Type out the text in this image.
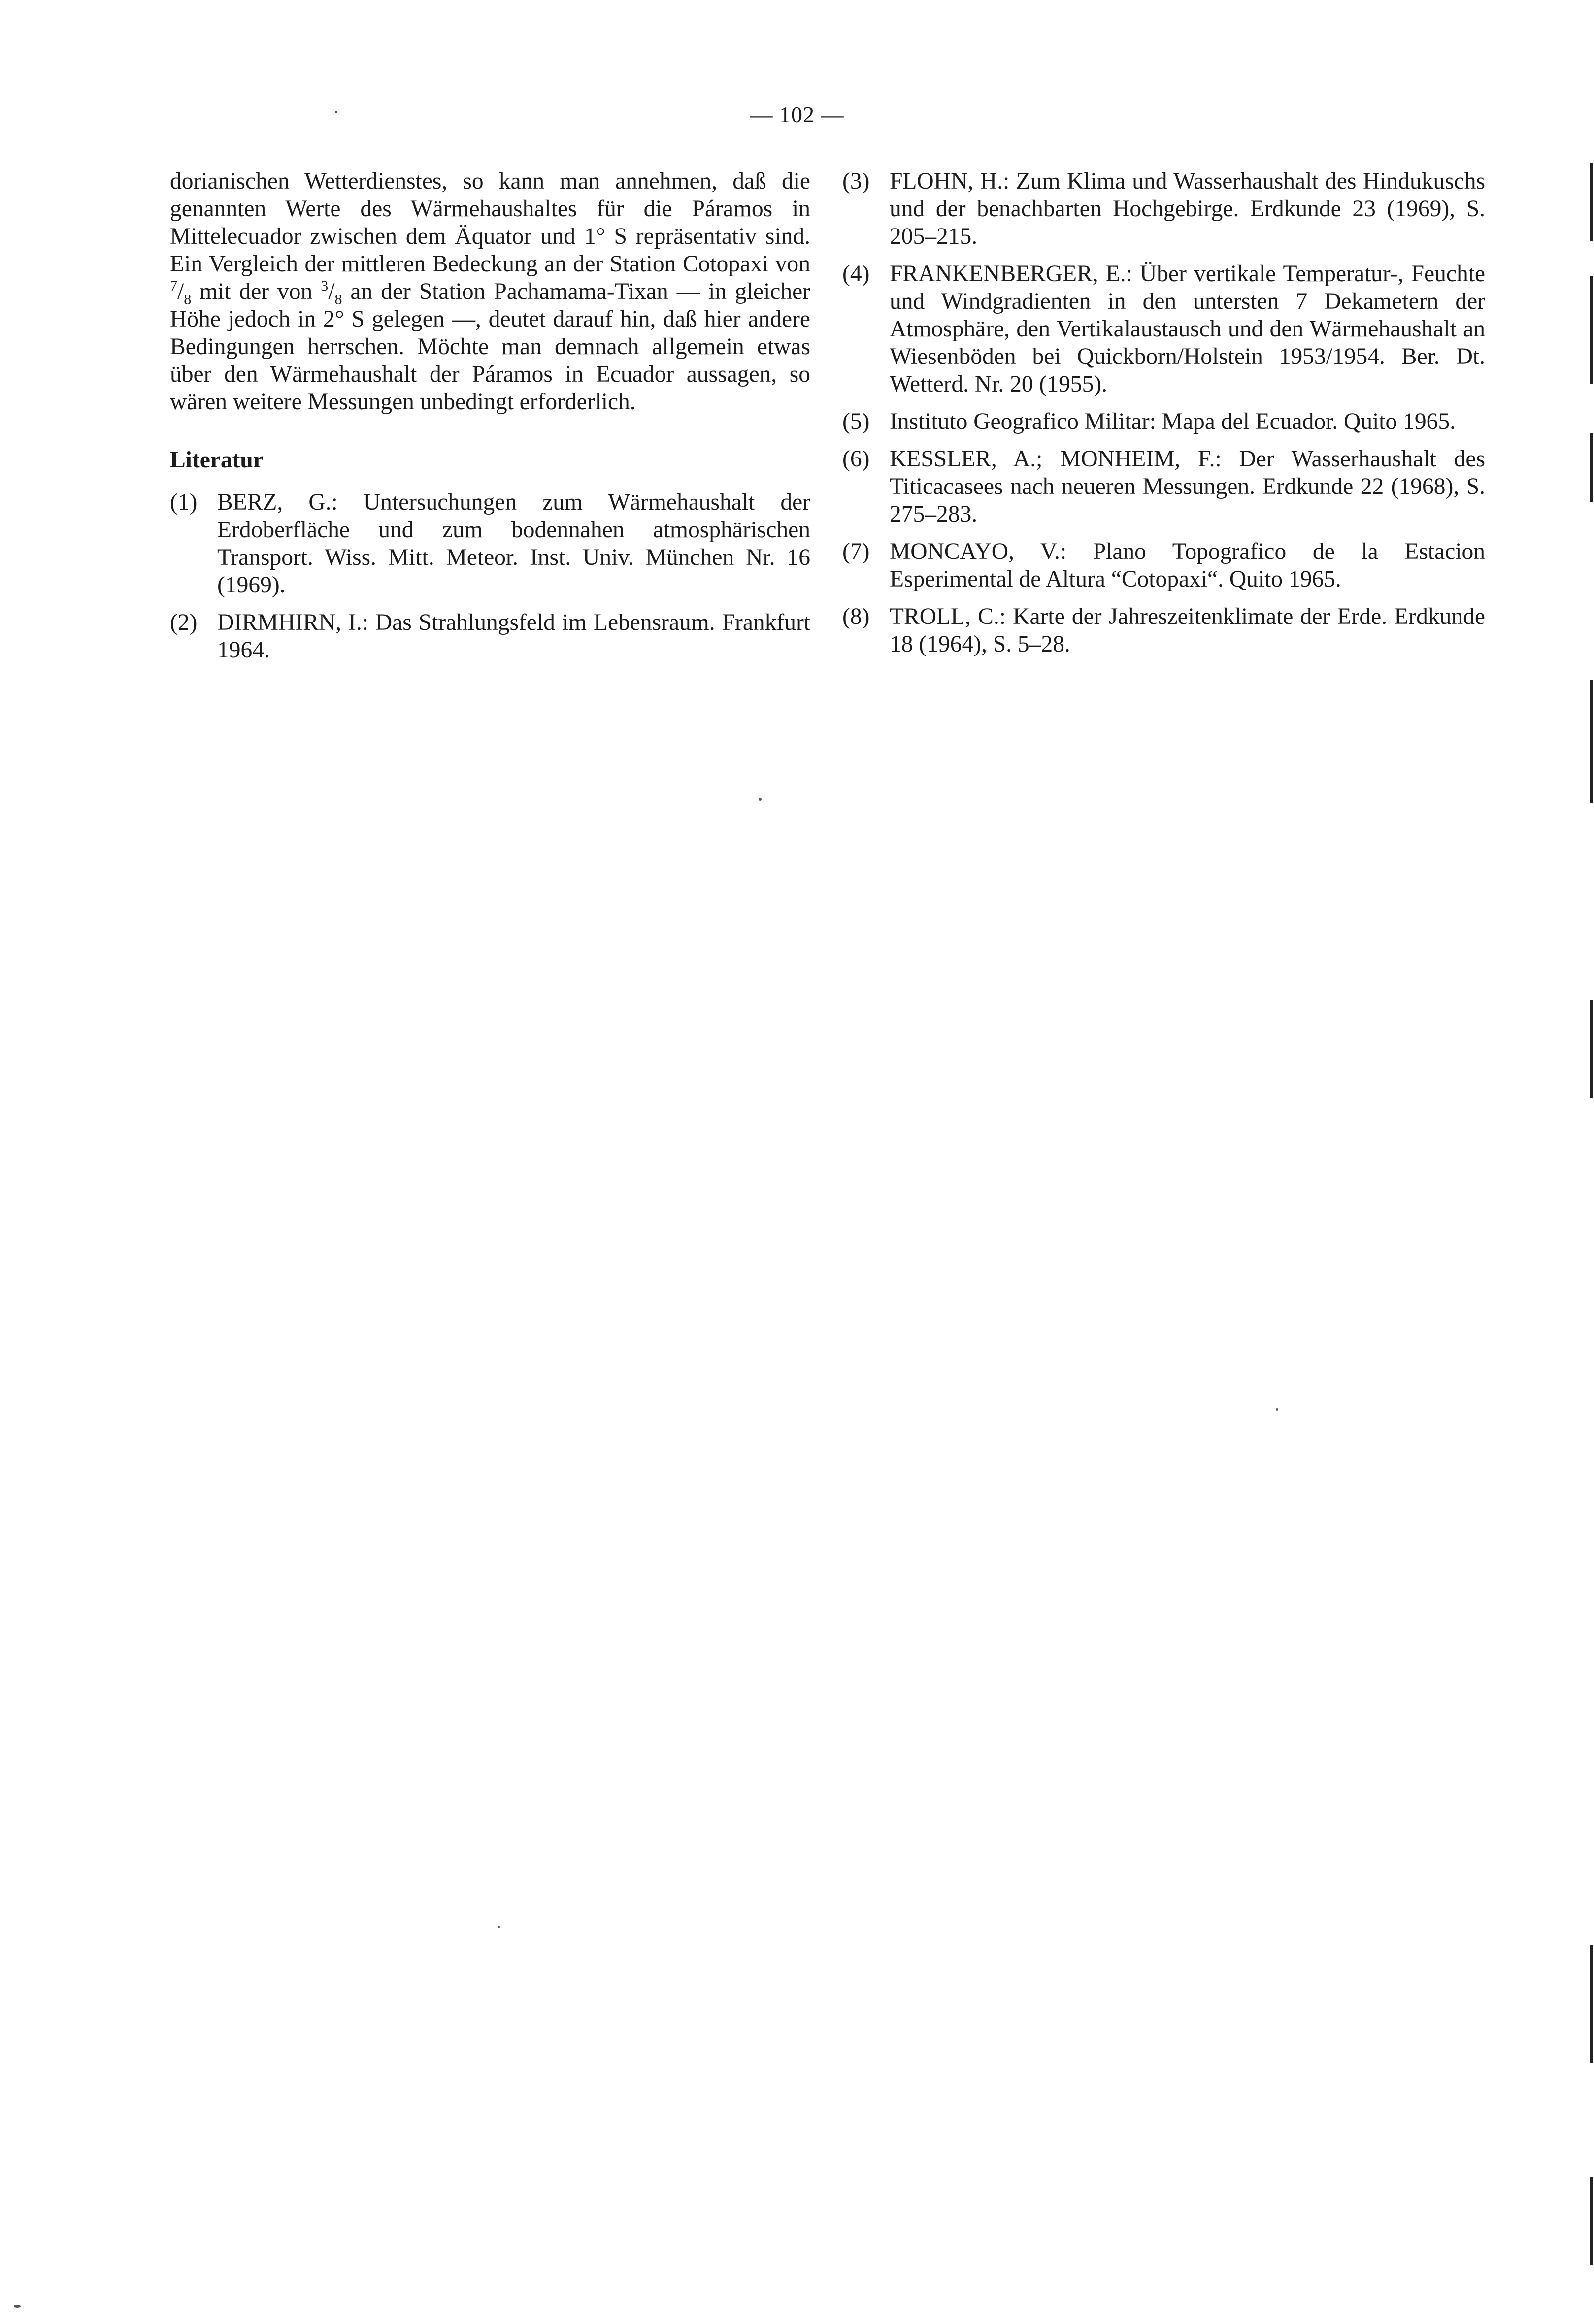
— 102 —

dorianischen Wetterdienstes, so kann man annehmen, daß die genannten Werte des Wärmehaushaltes für die Páramos in Mittelecuador zwischen dem Äquator und 1° S repräsentativ sind. Ein Vergleich der mittleren Bedeckung an der Station Cotopaxi von $^7/_8$ mit der von $^3/_8$ an der Station Pachamama-Tixan — in gleicher Höhe jedoch in 2° S gelegen —, deutet darauf hin, daß hier andere Bedingungen herrschen. Möchte man demnach allgemein etwas über den Wärmehaushalt der Páramos in Ecuador aussagen, so wären weitere Messungen unbedingt erforderlich.

Literatur
(1) BERZ, G.: Untersuchungen zum Wärmehaushalt der Erdoberfläche und zum bodennahen atmosphärischen Transport. Wiss. Mitt. Meteor. Inst. Univ. München Nr. 16 (1969).
(2) DIRMHIRN, I.: Das Strahlungsfeld im Lebensraum. Frankfurt 1964.
(3) FLOHN, H.: Zum Klima und Wasserhaushalt des Hindukuschs und der benachbarten Hochgebirge. Erdkunde 23 (1969), S. 205–215.
(4) FRANKENBERGER, E.: Über vertikale Temperatur-, Feuchte und Windgradienten in den untersten 7 Dekametern der Atmosphäre, den Vertikalaustausch und den Wärmehaushalt an Wiesenböden bei Quickborn/Holstein 1953/1954. Ber. Dt. Wetterd. Nr. 20 (1955).
(5) Instituto Geografico Militar: Mapa del Ecuador. Quito 1965.
(6) KESSLER, A.; MONHEIM, F.: Der Wasserhaushalt des Titicacasees nach neueren Messungen. Erdkunde 22 (1968), S. 275–283.
(7) MONCAYO, V.: Plano Topografico de la Estacion Esperimental de Altura “Cotopaxi“. Quito 1965.
(8) TROLL, C.: Karte der Jahreszeitenklimate der Erde. Erdkunde 18 (1964), S. 5–28.
